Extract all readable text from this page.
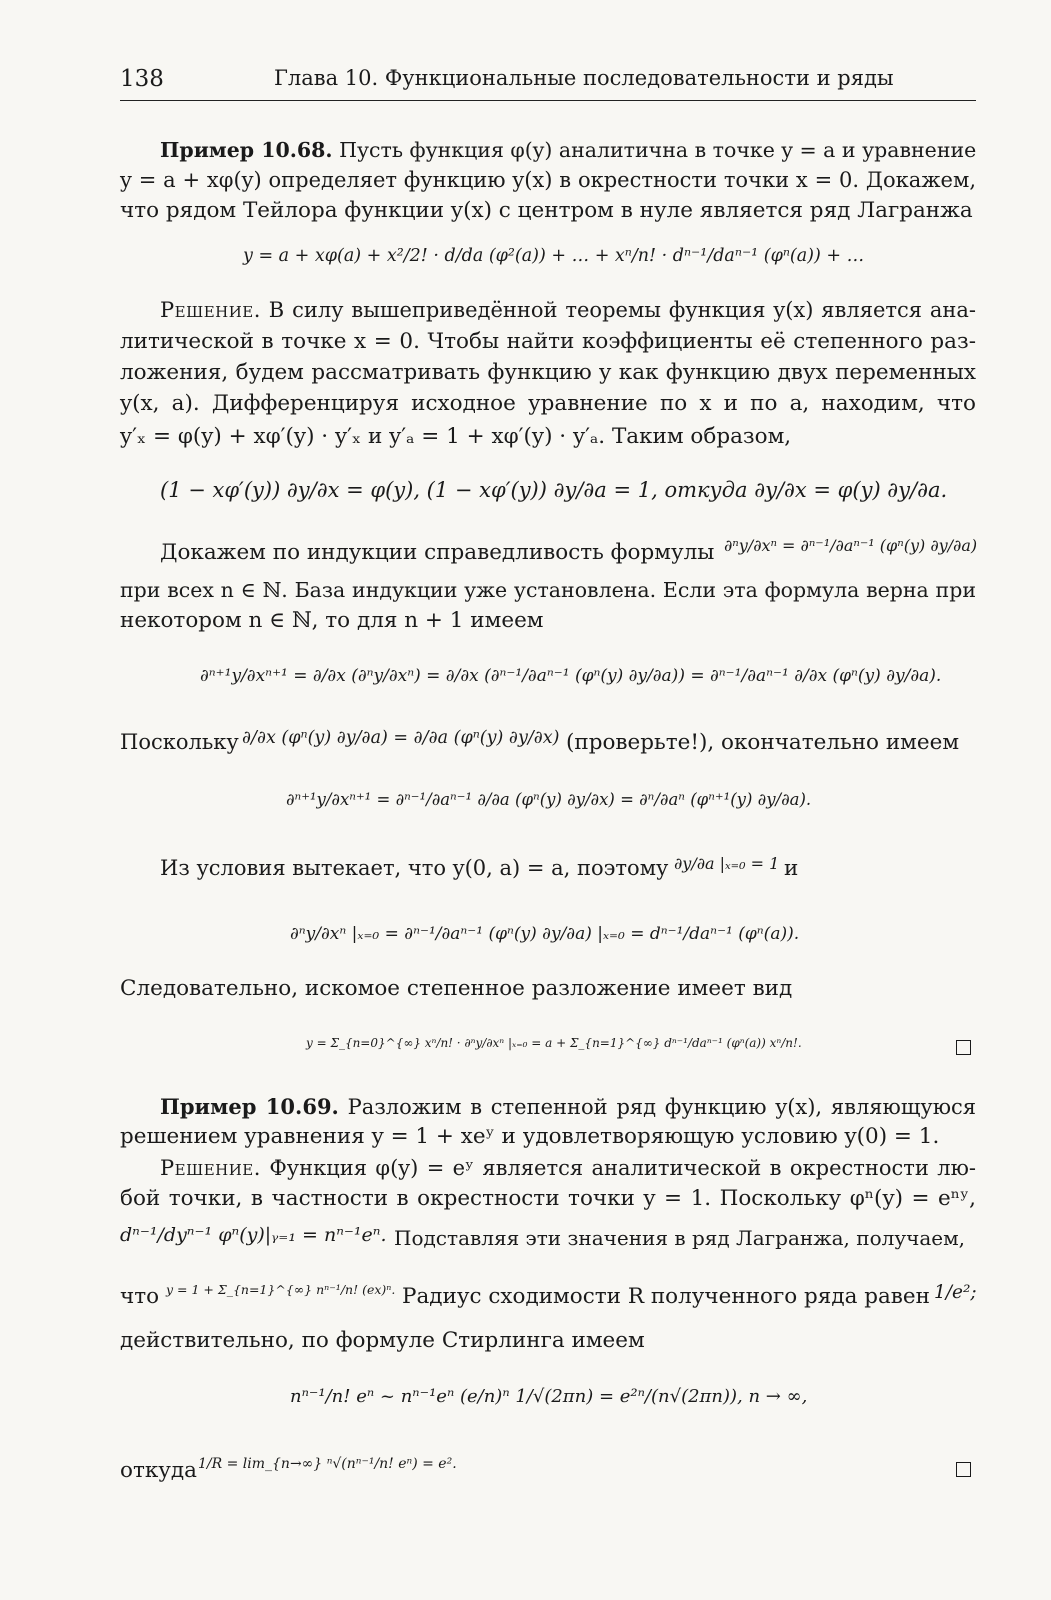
138	Глава 10. Функциональные последовательности и ряды
Пример 10.68. Пусть функция φ(y) аналитична в точке y = a и уравнение
y = a + xφ(y) определяет функцию y(x) в окрестности точки x = 0. Докажем,
что рядом Тейлора функции y(x) с центром в нуле является ряд Лагранжа
y = a + xφ(a) + x²/2! · d/da (φ²(a)) + … + xⁿ/n! · dⁿ⁻¹/daⁿ⁻¹ (φⁿ(a)) + …
Решение. В силу вышеприведённой теоремы функция y(x) является ана-
литической в точке x = 0. Чтобы найти коэффициенты её степенного раз-
ложения, будем рассматривать функцию y как функцию двух переменных
y(x, a). Дифференцируя исходное уравнение по x и по a, находим, что
y′ₓ = φ(y) + xφ′(y) · y′ₓ и y′ₐ = 1 + xφ′(y) · y′ₐ. Таким образом,
(1 − xφ′(y)) ∂y/∂x = φ(y), (1 − xφ′(y)) ∂y/∂a = 1, откуда ∂y/∂x = φ(y) ∂y/∂a.
Докажем по индукции справедливость формулы ∂ⁿy/∂xⁿ = ∂ⁿ⁻¹/∂aⁿ⁻¹ (φⁿ(y) ∂y/∂a)
при всех n ∈ ℕ. База индукции уже установлена. Если эта формула верна при
некотором n ∈ ℕ, то для n + 1 имеем
∂ⁿ⁺¹y/∂xⁿ⁺¹ = ∂/∂x (∂ⁿy/∂xⁿ) = ∂/∂x (∂ⁿ⁻¹/∂aⁿ⁻¹ (φⁿ(y) ∂y/∂a)) = ∂ⁿ⁻¹/∂aⁿ⁻¹ ∂/∂x (φⁿ(y) ∂y/∂a).
Поскольку ∂/∂x (φⁿ(y) ∂y/∂a) = ∂/∂a (φⁿ(y) ∂y/∂x) (проверьте!), окончательно имеем
∂ⁿ⁺¹y/∂xⁿ⁺¹ = ∂ⁿ⁻¹/∂aⁿ⁻¹ ∂/∂a (φⁿ(y) ∂y/∂x) = ∂ⁿ/∂aⁿ (φⁿ⁺¹(y) ∂y/∂a).
Из условия вытекает, что y(0, a) = a, поэтому ∂y/∂a |ₓ₌₀ = 1 и
∂ⁿy/∂xⁿ |ₓ₌₀ = ∂ⁿ⁻¹/∂aⁿ⁻¹ (φⁿ(y) ∂y/∂a) |ₓ₌₀ = dⁿ⁻¹/daⁿ⁻¹ (φⁿ(a)).
Следовательно, искомое степенное разложение имеет вид
y = Σ_{n=0}^{∞} xⁿ/n! · ∂ⁿy/∂xⁿ |ₓ₌₀ = a + Σ_{n=1}^{∞} dⁿ⁻¹/daⁿ⁻¹ (φⁿ(a)) xⁿ/n!.
Пример 10.69. Разложим в степенной ряд функцию y(x), являющуюся
решением уравнения y = 1 + xeʸ и удовлетворяющую условию y(0) = 1.
Решение. Функция φ(y) = eʸ является аналитической в окрестности лю-
бой точки, в частности в окрестности точки y = 1. Поскольку φⁿ(y) = eⁿʸ,
dⁿ⁻¹/dyⁿ⁻¹ φⁿ(y)|ᵧ₌₁ = nⁿ⁻¹eⁿ. Подставляя эти значения в ряд Лагранжа, получаем,
что y = 1 + Σ_{n=1}^{∞} nⁿ⁻¹/n! (ex)ⁿ. Радиус сходимости R полученного ряда равен 1/e²;
действительно, по формуле Стирлинга имеем
nⁿ⁻¹/n! eⁿ ~ nⁿ⁻¹eⁿ (e/n)ⁿ 1/√(2πn) = e²ⁿ/(n√(2πn)), n → ∞,
откуда 1/R = lim_{n→∞} ⁿ√(nⁿ⁻¹/n! eⁿ) = e².
